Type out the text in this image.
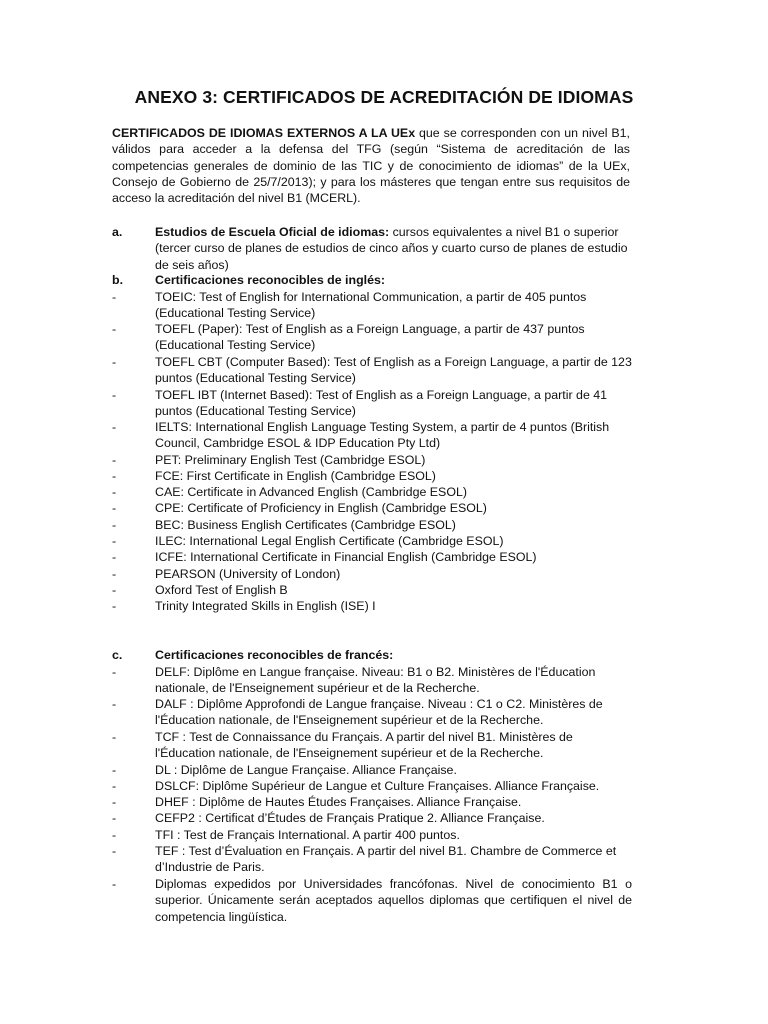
ANEXO 3: CERTIFICADOS DE ACREDITACIÓN DE IDIOMAS
CERTIFICADOS DE IDIOMAS EXTERNOS A LA UEx que se corresponden con un nivel B1, válidos para acceder a la defensa del TFG (según “Sistema de acreditación de las competencias generales de dominio de las TIC y de conocimiento de idiomas” de la UEx, Consejo de Gobierno de 25/7/2013); y para los másteres que tengan entre sus requisitos de acceso la acreditación del nivel B1 (MCERL).
a.	Estudios de Escuela Oficial de idiomas: cursos equivalentes a nivel B1 o superior (tercer curso de planes de estudios de cinco años y cuarto curso de planes de estudio de seis años)
b.	Certificaciones reconocibles de inglés:
-	TOEIC: Test of English for International Communication, a partir de 405 puntos (Educational Testing Service)
-	TOEFL (Paper): Test of English as a Foreign Language, a partir de 437 puntos (Educational Testing Service)
-	TOEFL CBT (Computer Based): Test of English as a Foreign Language, a partir de 123 puntos (Educational Testing Service)
-	TOEFL IBT (Internet Based): Test of English as a Foreign Language, a partir de 41 puntos (Educational Testing Service)
-	IELTS: International English Language Testing System, a partir de 4 puntos (British Council, Cambridge ESOL & IDP Education Pty Ltd)
-	PET: Preliminary English Test (Cambridge ESOL)
-	FCE: First Certificate in English (Cambridge ESOL)
-	CAE: Certificate in Advanced English (Cambridge ESOL)
-	CPE: Certificate of Proficiency in English (Cambridge ESOL)
-	BEC: Business English Certificates (Cambridge ESOL)
-	ILEC: International Legal English Certificate (Cambridge ESOL)
-	ICFE: International Certificate in Financial English (Cambridge ESOL)
-	PEARSON (University of London)
-	Oxford Test of English B
-	Trinity Integrated Skills in English (ISE) I
c.	Certificaciones reconocibles de francés:
-	DELF: Diplôme en Langue française. Niveau: B1 o B2. Ministères de l'Éducation nationale, de l'Enseignement supérieur et de la Recherche.
-	DALF : Diplôme Approfondi de Langue française. Niveau : C1 o C2. Ministères de l'Éducation nationale, de l'Enseignement supérieur et de la Recherche.
-	TCF : Test de Connaissance du Français. A partir del nivel B1. Ministères de l'Éducation nationale, de l'Enseignement supérieur et de la Recherche.
-	DL : Diplôme de Langue Française. Alliance Française.
-	DSLCF: Diplôme Supérieur de Langue et Culture Françaises. Alliance Française.
-	DHEF : Diplôme de Hautes Études Françaises. Alliance Française.
-	CEFP2 : Certificat d’Études de Français Pratique 2. Alliance Française.
-	TFI : Test de Français International. A partir 400 puntos.
-	TEF : Test d’Évaluation en Français. A partir del nivel B1. Chambre de Commerce et d’Industrie de Paris.
-	Diplomas expedidos por Universidades francófonas. Nivel de conocimiento B1 o superior. Únicamente serán aceptados aquellos diplomas que certifiquen el nivel de competencia lingüística.
